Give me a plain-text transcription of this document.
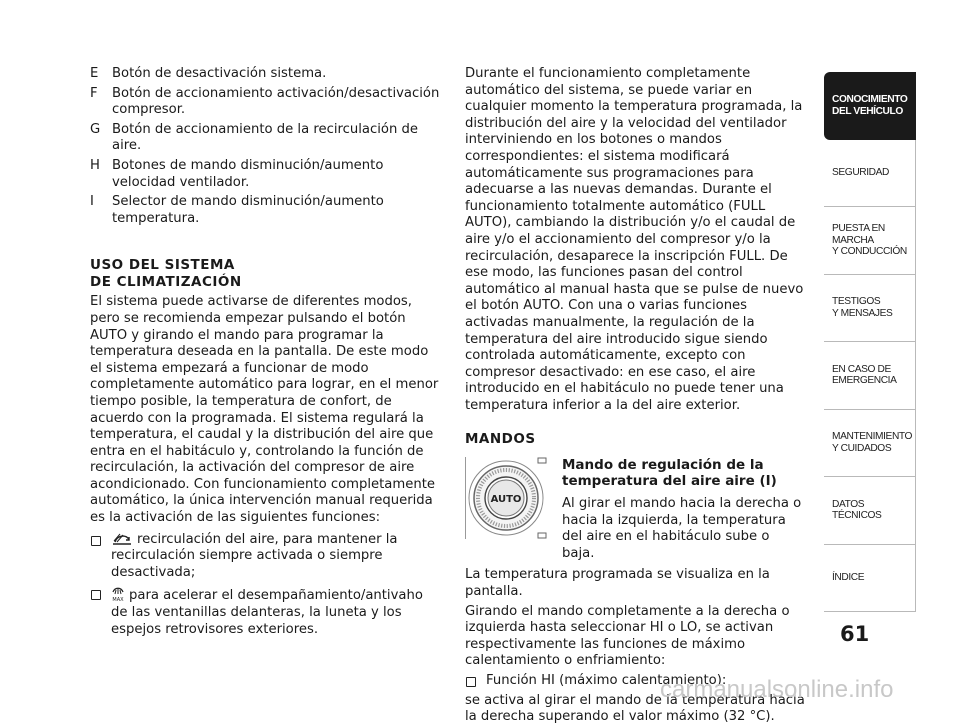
E	Botón de desactivación sistema.
F	Botón de accionamiento activación/desactivación compresor.
G Botón de accionamiento de la recirculación de aire.
H Botones de mando disminución/aumento velocidad ventilador.
I	Selector de mando disminución/aumento temperatura.
USO DEL SISTEMA
DE CLIMATIZACIÓN

El sistema puede activarse de diferentes modos, pero se recomienda empezar pulsando el botón AUTO y girando el mando para programar la temperatura deseada en la pantalla. De este modo el sistema empezará a funcionar de modo completamente automático para lograr, en el menor tiempo posible, la temperatura de confort, de acuerdo con la programada. El sistema regulará la temperatura, el caudal y la distribución del aire que entra en el habitáculo y, controlando la función de recirculación, la activación del compresor de aire acondicionado. Con funcionamiento completamente automático, la única intervención manual requerida es la activación de las siguientes funciones:

recirculación del aire, para mantener la recirculación siempre activada o siempre desactivada;
MAX para acelerar el desempañamiento/antivaho de las ventanillas delanteras, la luneta y los espejos retrovisores exteriores.

Durante el funcionamiento completamente automático del sistema, se puede variar en cualquier momento la temperatura programada, la distribución del aire y la velocidad del ventilador interviniendo en los botones o mandos correspondientes: el sistema modificará automáticamente sus programaciones para adecuarse a las nuevas demandas. Durante el funcionamiento totalmente automático (FULL AUTO), cambiando la distribución y/o el caudal de aire y/o el accionamiento del compresor y/o la recirculación, desaparece la inscripción FULL. De ese modo, las funciones pasan del control automático al manual hasta que se pulse de nuevo el botón AUTO. Con una o varias funciones activadas manualmente, la regulación de la temperatura del aire introducido sigue siendo controlada automáticamente, excepto con compresor desactivado: en ese caso, el aire introducido en el habitáculo no puede tener una temperatura inferior a la del aire exterior.

MANDOS
AUTO
Mando de regulación de la temperatura del aire aire (I)

Al girar el mando hacia la derecha o hacia la izquierda, la temperatura del aire en el habitáculo sube o baja.

La temperatura programada se visualiza en la pantalla.

Girando el mando completamente a la derecha o izquierda hasta seleccionar HI o LO, se activan respectivamente las funciones de máximo calentamiento o enfriamiento:

Función HI (máximo calentamiento):

se activa al girar el mando de la temperatura hacia la derecha superando el valor máximo (32 °C).

CONOCIMIENTO
DEL VEHÍCULO
SEGURIDAD
PUESTA EN
MARCHA
Y CONDUCCIÓN
TESTIGOS
Y MENSAJES
EN CASO DE
EMERGENCIA
MANTENIMIENTO
Y CUIDADOS
DATOS
TÉCNICOS
ÍNDICE
61
carmanualsonline.info
